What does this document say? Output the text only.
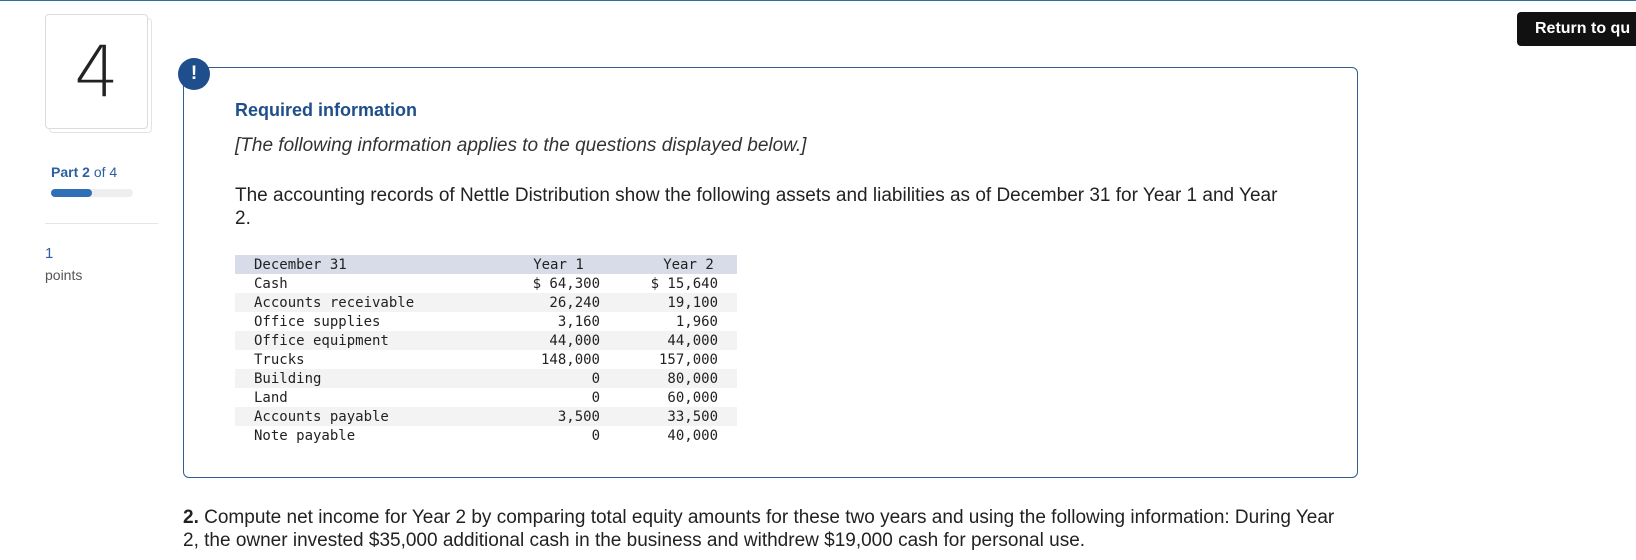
4
Part 2 of 4
1
points
Return to qu
!
Required information
[The following information applies to the questions displayed below.]
The accounting records of Nettle Distribution show the following assets and liabilities as of December 31 for Year 1 and Year 2.
December 31	Year 1	Year 2
Cash	$ 64,300	$ 15,640
Accounts receivable	26,240	19,100
Office supplies	3,160	1,960
Office equipment	44,000	44,000
Trucks	148,000	157,000
Building	0	80,000
Land	0	60,000
Accounts payable	3,500	33,500
Note payable	0	40,000
2. Compute net income for Year 2 by comparing total equity amounts for these two years and using the following information: During Year 2, the owner invested $35,000 additional cash in the business and withdrew $19,000 cash for personal use.
